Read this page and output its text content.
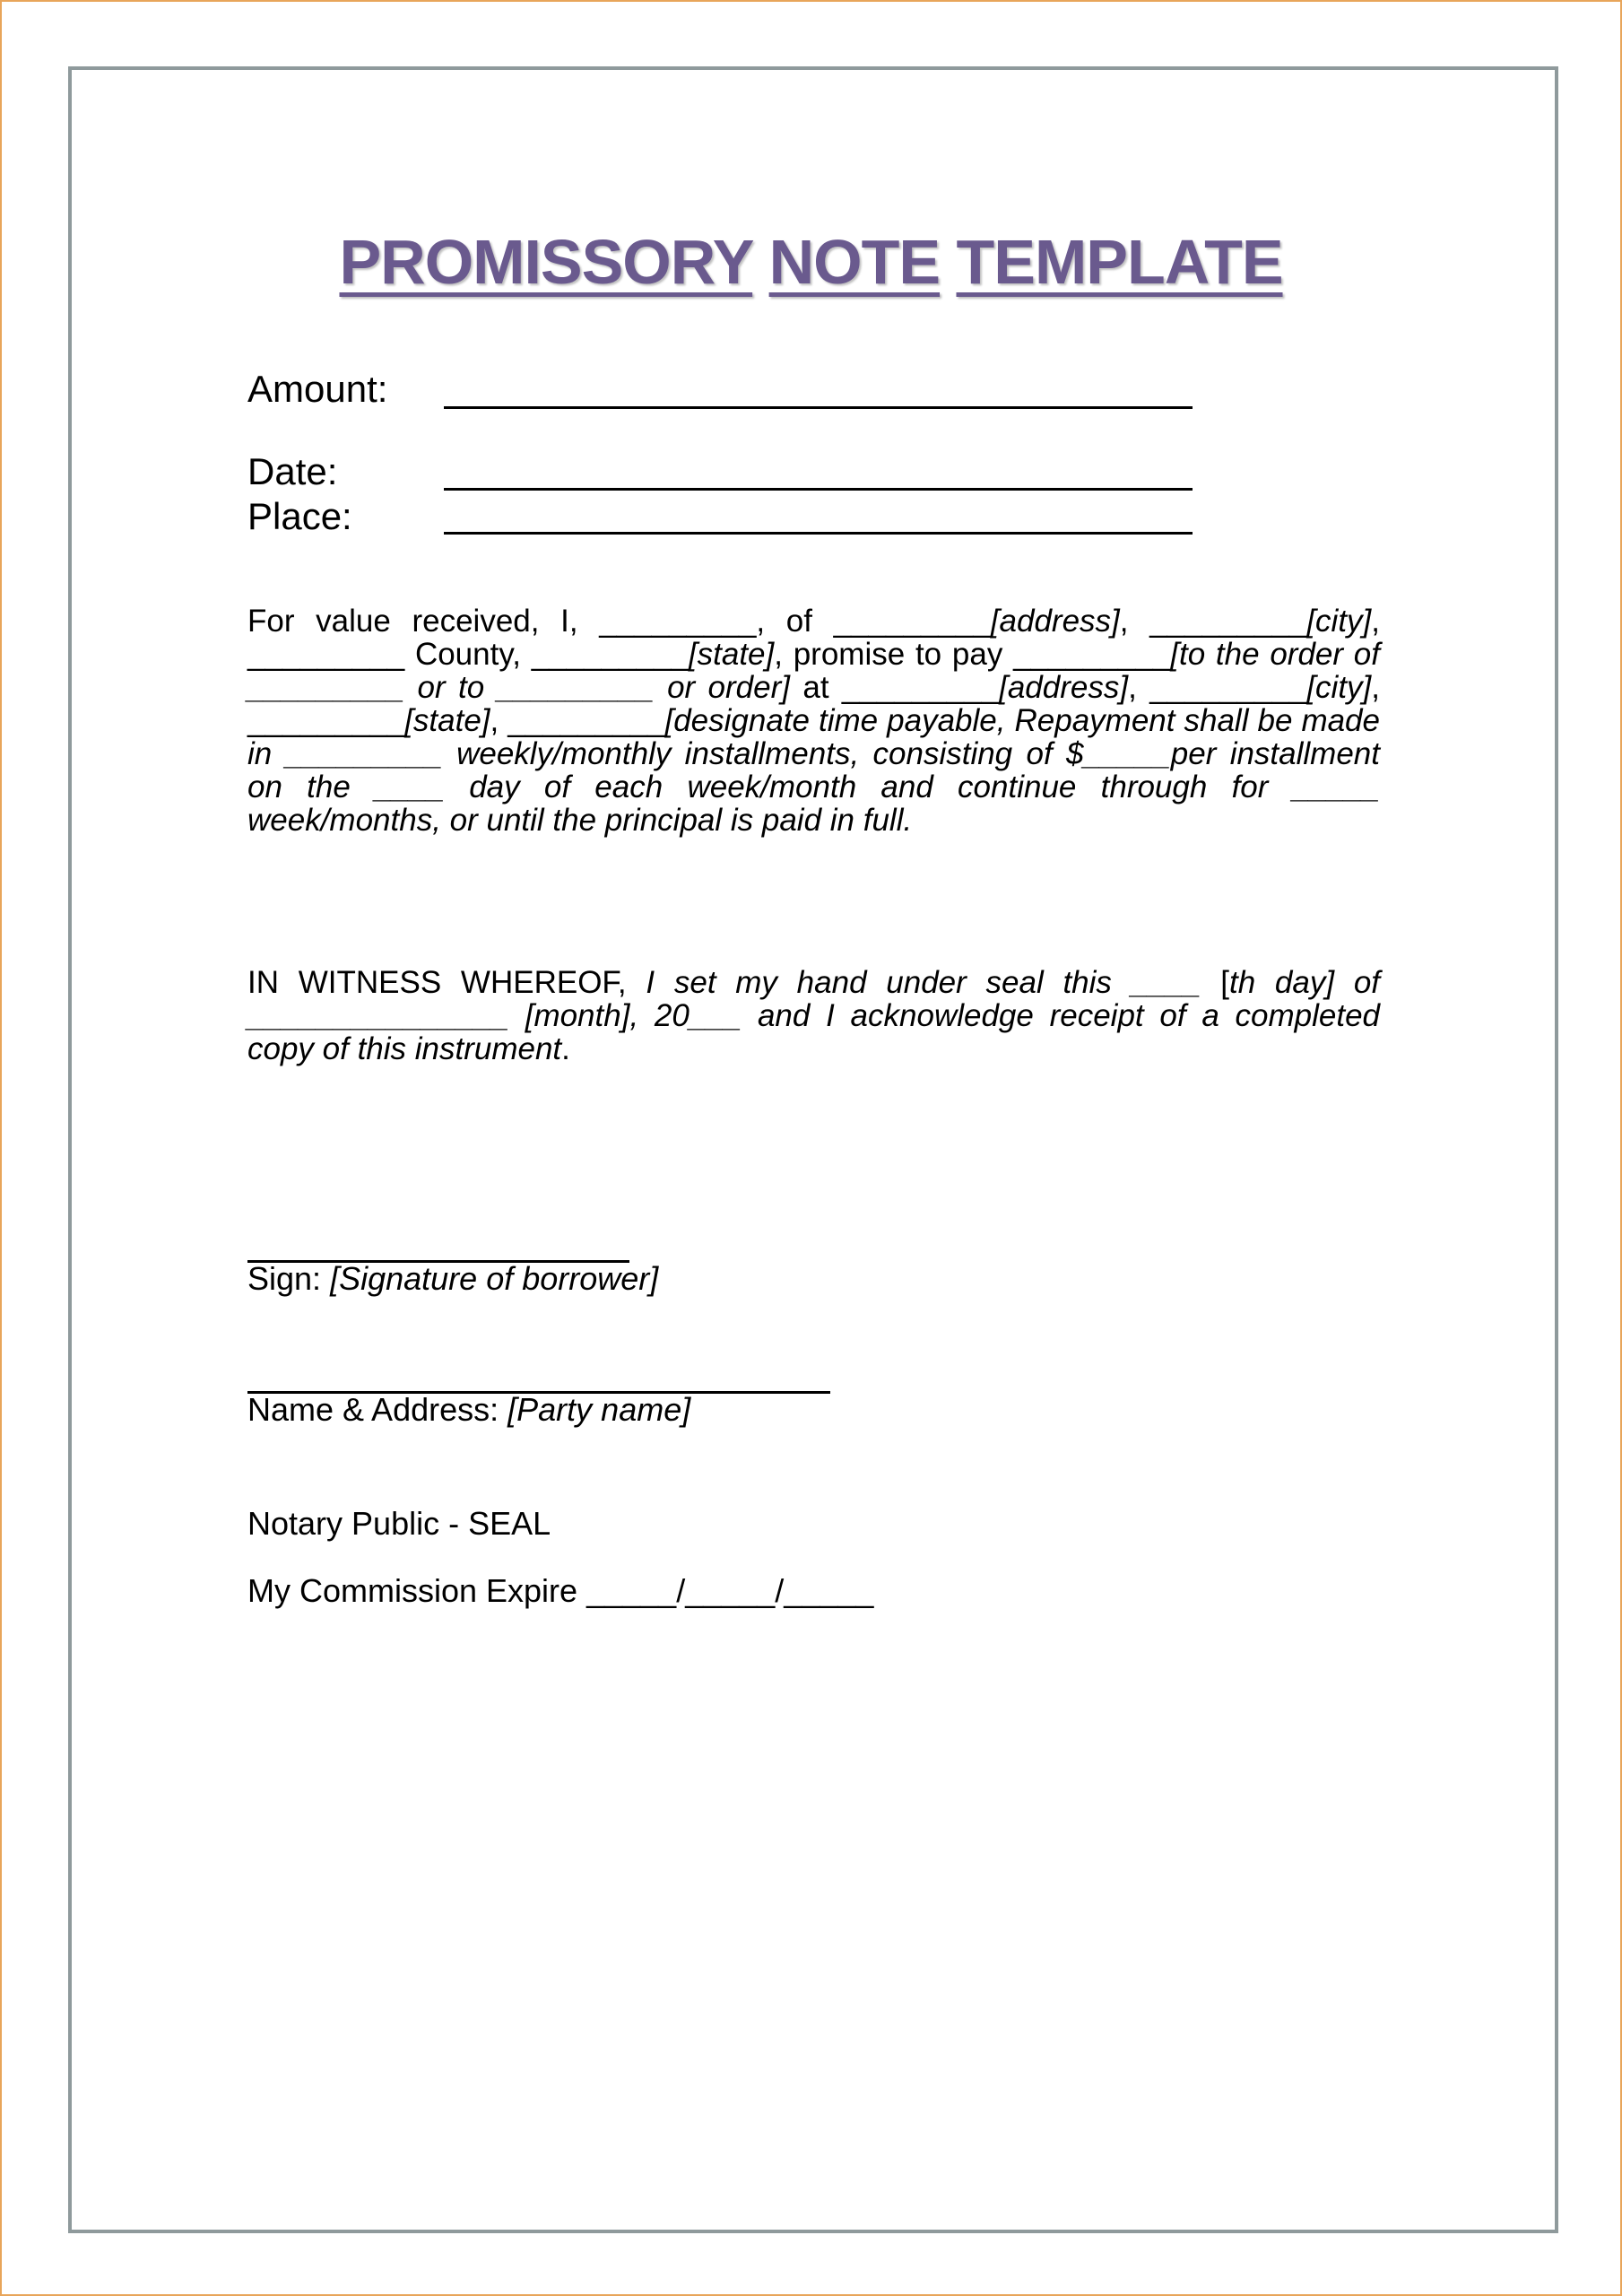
PROMISSORY NOTE TEMPLATE
Amount:
Date:
Place:
For value received, I, _________, of _________[address], _________[city], _________ County, _________[state], promise to pay _________[to the order of _________ or to _________ or order] at _________[address], _________[city], _________[state], _________[designate time payable, Repayment shall be made in _________ weekly/monthly installments, consisting of $_____per installment on the ____ day of each week/month and continue through for _____ week/months, or until the principal is paid in full.
IN WITNESS WHEREOF, I set my hand under seal this ____ [th day] of _______________ [month], 20___ and I acknowledge receipt of a completed copy of this instrument.
Sign: [Signature of borrower]
Name & Address: [Party name]
Notary Public - SEAL
My Commission Expire _____/_____/_____
